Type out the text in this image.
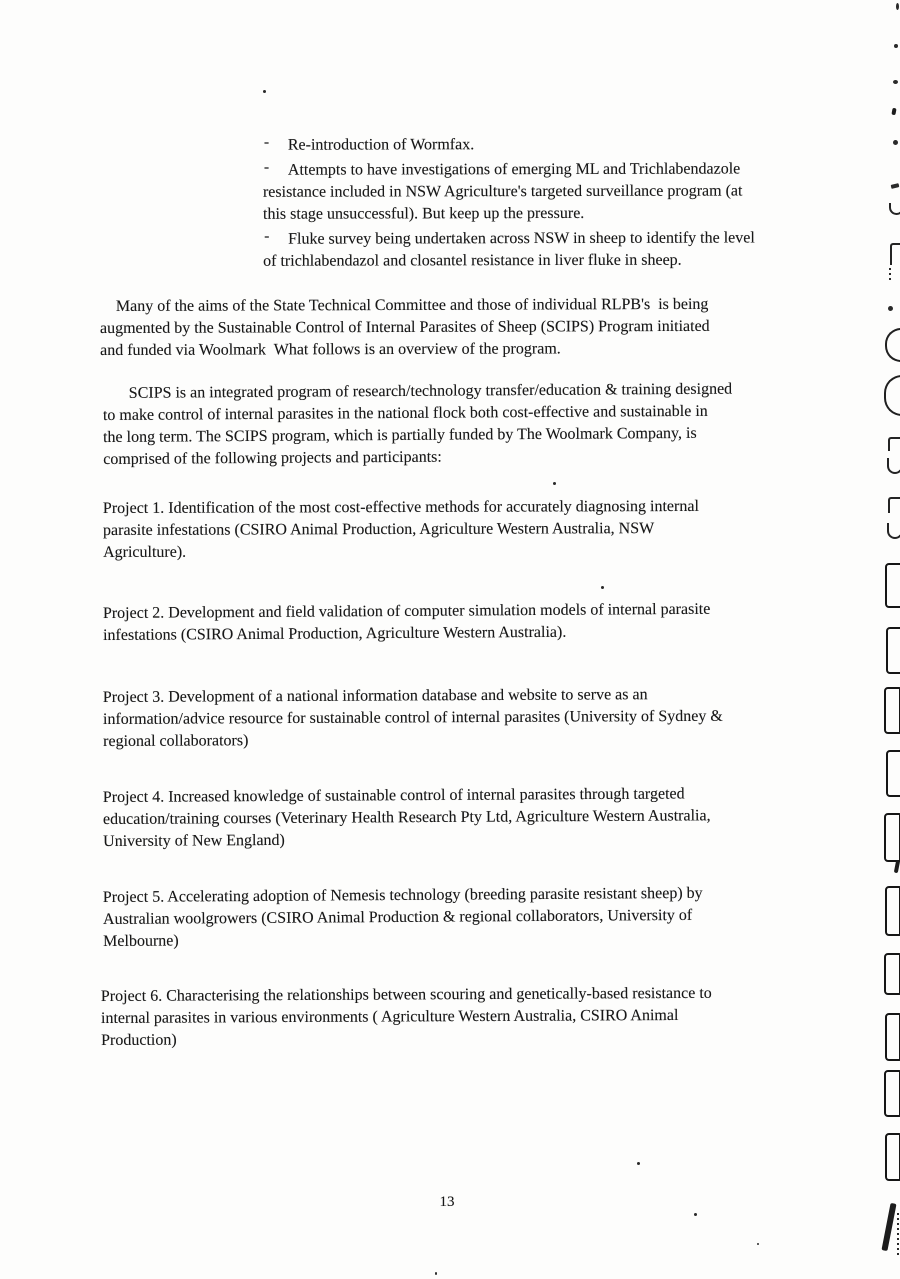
-	Re-introduction of Wormfax.
-	Attempts to have investigations of emerging ML and Trichlabendazole
resistance included in NSW Agriculture's targeted surveillance program (at
this stage unsuccessful). But keep up the pressure.
-	Fluke survey being undertaken across NSW in sheep to identify the level
of trichlabendazol and closantel resistance in liver fluke in sheep.
Many of the aims of the State Technical Committee and those of individual RLPB's  is being
augmented by the Sustainable Control of Internal Parasites of Sheep (SCIPS) Program initiated
and funded via Woolmark  What follows is an overview of the program.
SCIPS is an integrated program of research/technology transfer/education & training designed
to make control of internal parasites in the national flock both cost-effective and sustainable in
the long term. The SCIPS program, which is partially funded by The Woolmark Company, is
comprised of the following projects and participants:
Project 1. Identification of the most cost-effective methods for accurately diagnosing internal
parasite infestations (CSIRO Animal Production, Agriculture Western Australia, NSW
Agriculture).
Project 2. Development and field validation of computer simulation models of internal parasite
infestations (CSIRO Animal Production, Agriculture Western Australia).
Project 3. Development of a national information database and website to serve as an
information/advice resource for sustainable control of internal parasites (University of Sydney &
regional collaborators)
Project 4. Increased knowledge of sustainable control of internal parasites through targeted
education/training courses (Veterinary Health Research Pty Ltd, Agriculture Western Australia,
University of New England)
Project 5. Accelerating adoption of Nemesis technology (breeding parasite resistant sheep) by
Australian woolgrowers (CSIRO Animal Production & regional collaborators, University of
Melbourne)
Project 6. Characterising the relationships between scouring and genetically-based resistance to
internal parasites in various environments ( Agriculture Western Australia, CSIRO Animal
Production)
13
